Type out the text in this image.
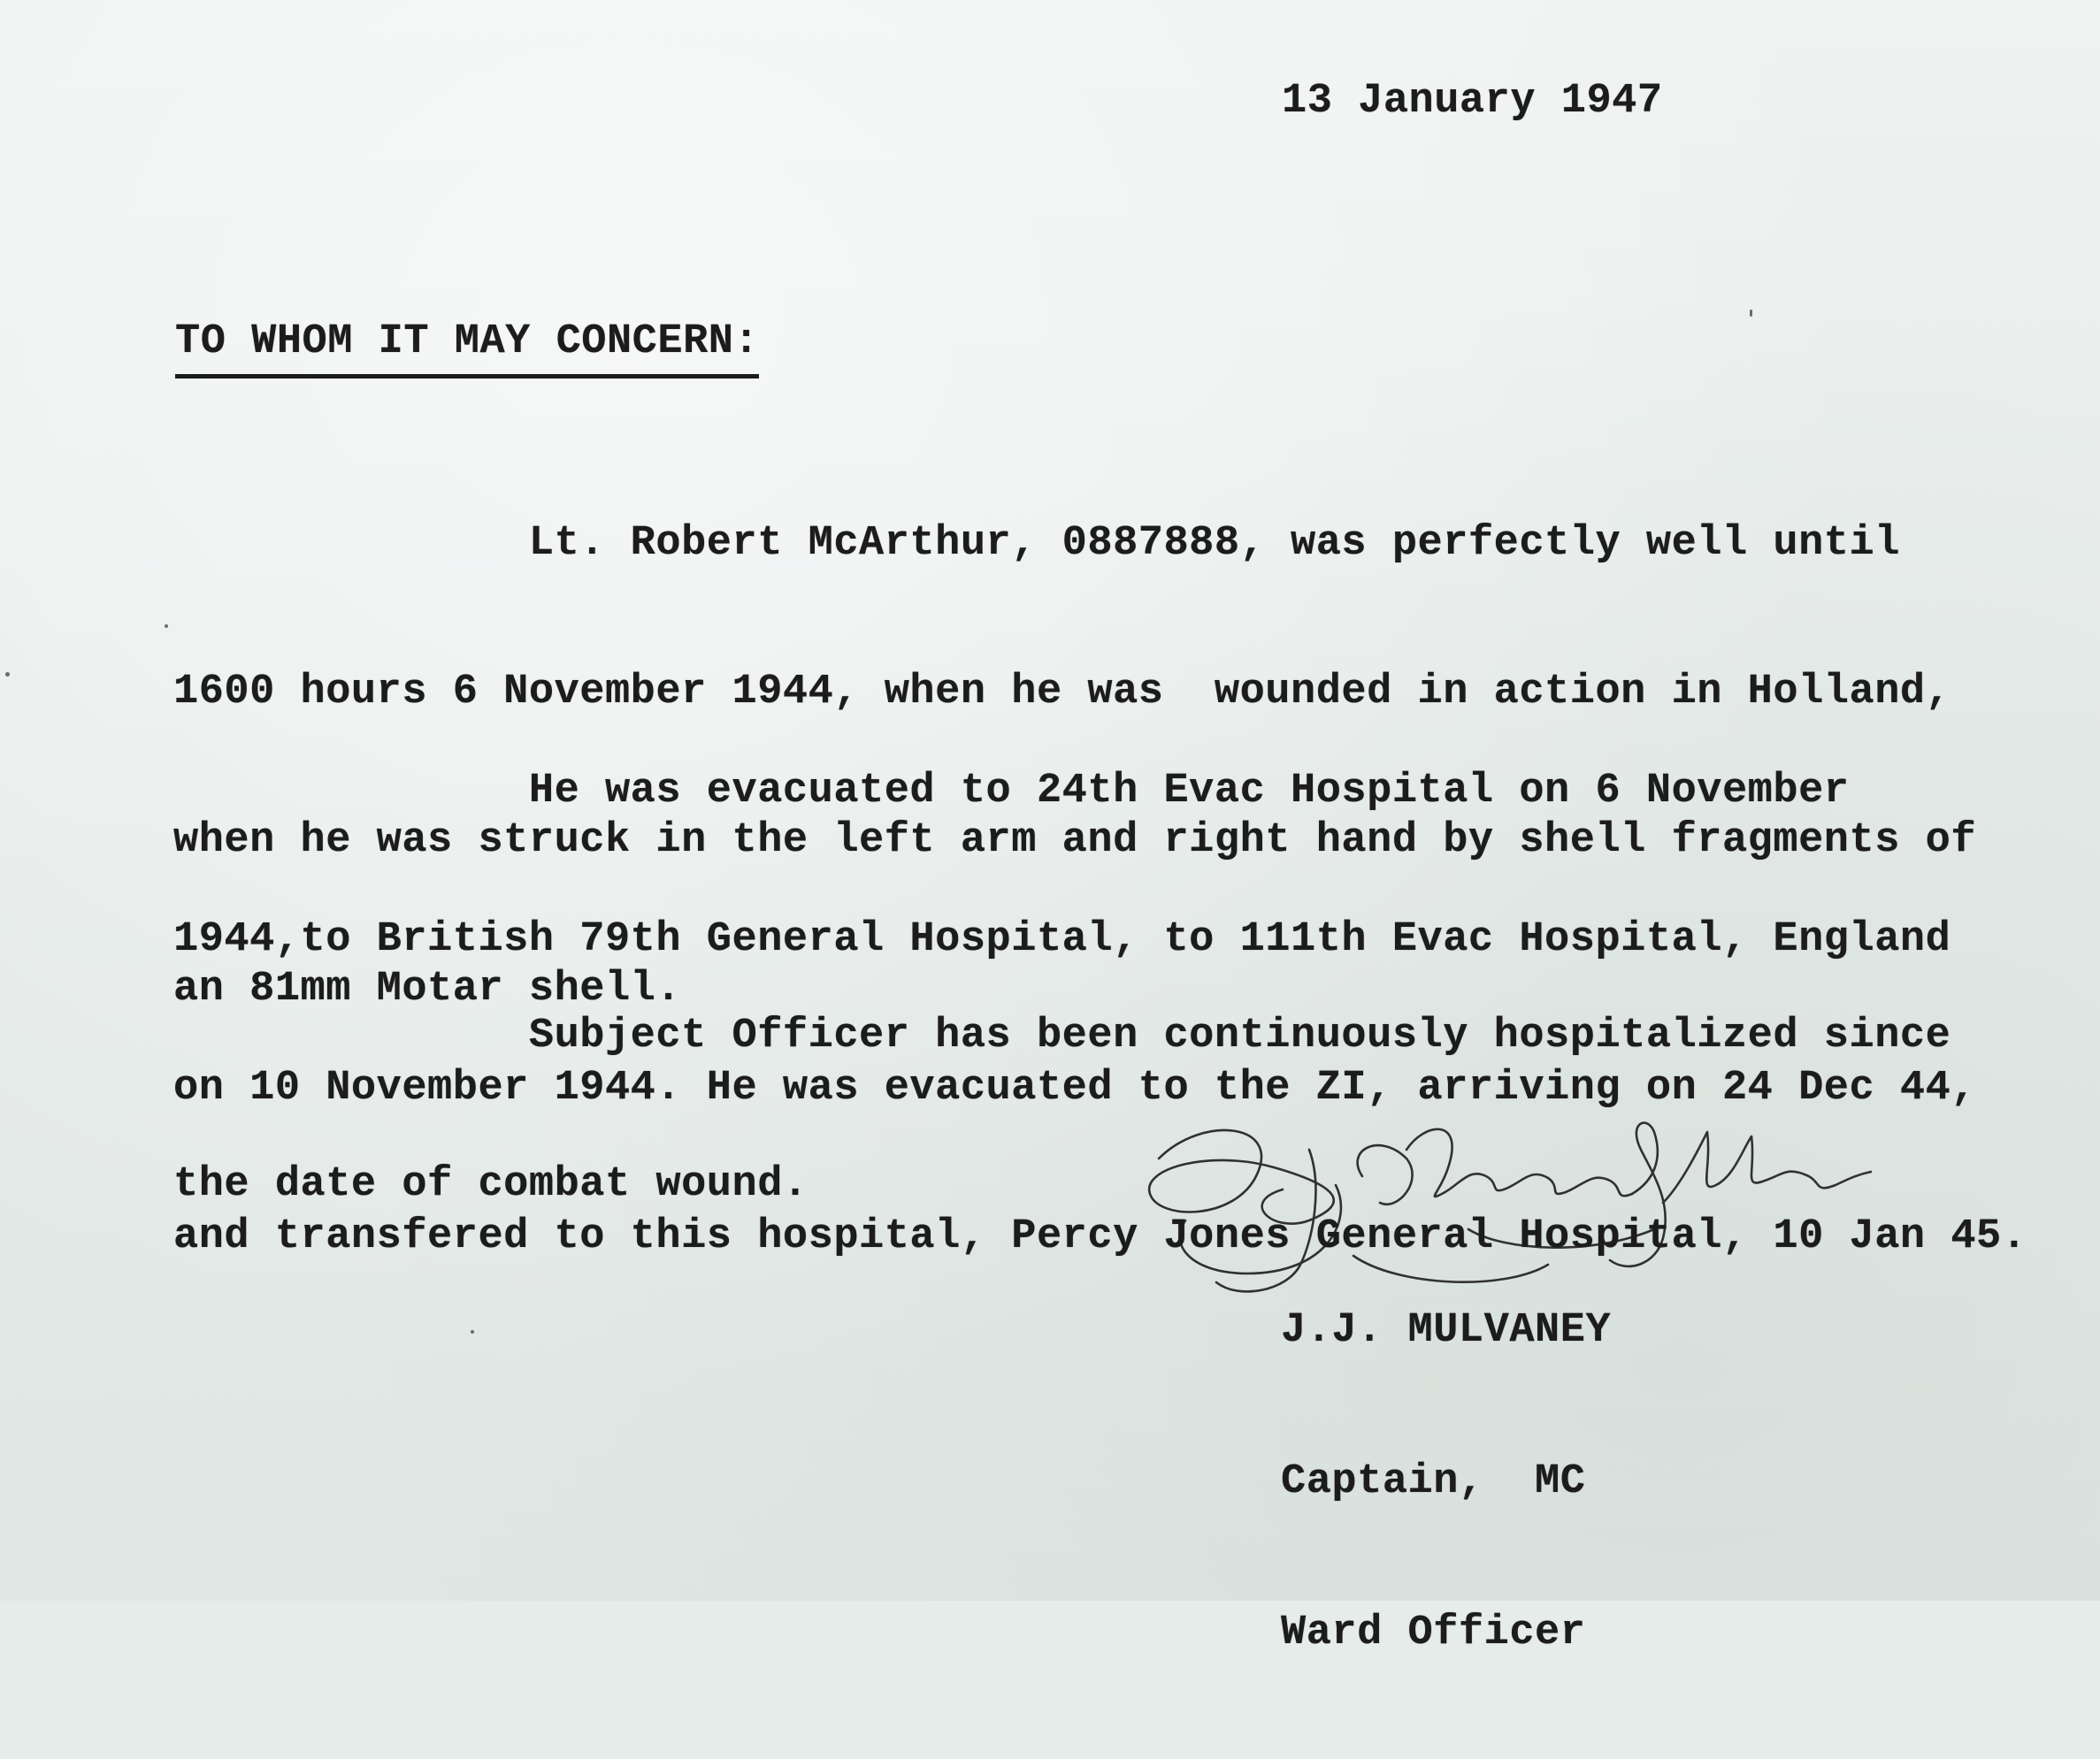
13 January 1947
TO WHOM IT MAY CONCERN:

Lt. Robert McArthur, 0887888, was perfectly well until

1600 hours 6 November 1944, when he was  wounded in action in Holland,

when he was struck in the left arm and right hand by shell fragments of

an 81mm Motar shell.

He was evacuated to 24th Evac Hospital on 6 November

1944,to British 79th General Hospital, to 111th Evac Hospital, England

on 10 November 1944. He was evacuated to the ZI, arriving on 24 Dec 44,

and transfered to this hospital, Percy Jones General Hospital, 10 Jan 45.

Subject Officer has been continuously hospitalized since

the date of combat wound.

J.J. MULVANEY

Captain,  MC

Ward Officer
